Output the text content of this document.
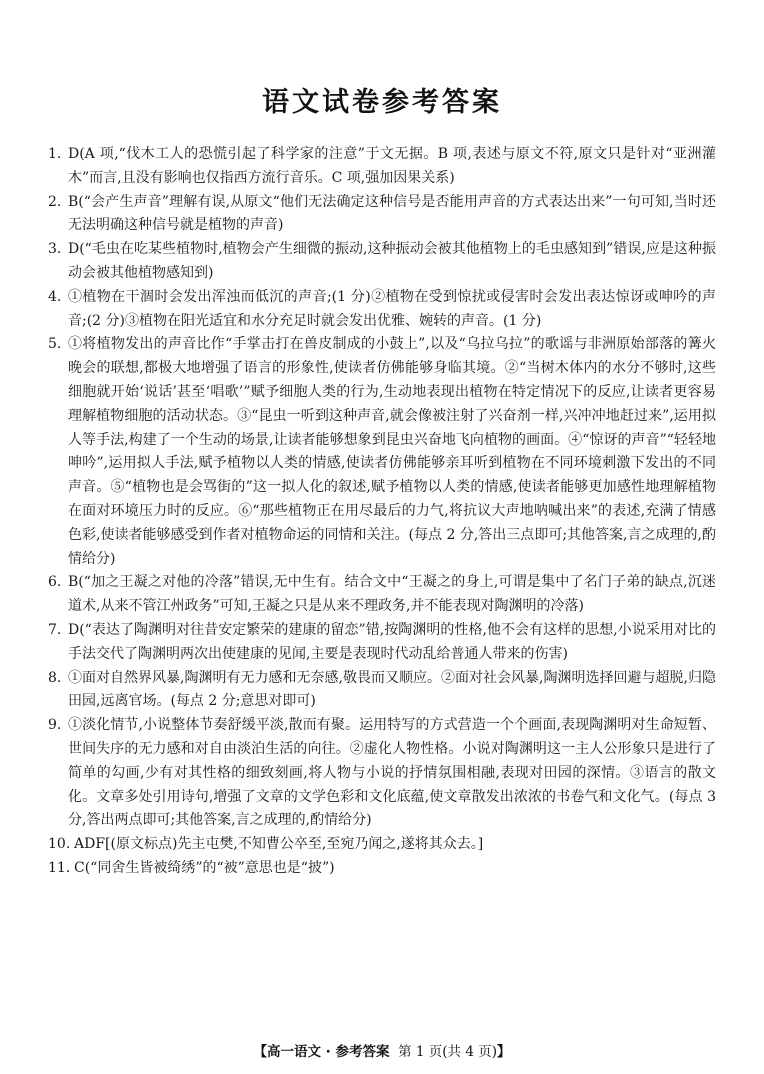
语文试卷参考答案
1. D(A 项,“伐木工人的恐慌引起了科学家的注意”于文无据。B 项,表述与原文不符,原文只是针对“亚洲灌木”而言,且没有影响也仅指西方流行音乐。C 项,强加因果关系)
2. B(“会产生声音”理解有误,从原文“他们无法确定这种信号是否能用声音的方式表达出来”一句可知,当时还无法明确这种信号就是植物的声音)
3. D(“毛虫在吃某些植物时,植物会产生细微的振动,这种振动会被其他植物上的毛虫感知到”错误,应是这种振动会被其他植物感知到)
4. ①植物在干涸时会发出浑浊而低沉的声音;(1 分)②植物在受到惊扰或侵害时会发出表达惊讶或呻吟的声音;(2 分)③植物在阳光适宜和水分充足时就会发出优雅、婉转的声音。(1 分)
5. ①将植物发出的声音比作“手掌击打在兽皮制成的小鼓上”,以及“乌拉乌拉”的歌谣与非洲原始部落的篝火晚会的联想,都极大地增强了语言的形象性,使读者仿佛能够身临其境。②“当树木体内的水分不够时,这些细胞就开始‘说话’甚至‘唱歌’”赋予细胞人类的行为,生动地表现出植物在特定情况下的反应,让读者更容易理解植物细胞的活动状态。③“昆虫一听到这种声音,就会像被注射了兴奋剂一样,兴冲冲地赶过来”,运用拟人等手法,构建了一个生动的场景,让读者能够想象到昆虫兴奋地飞向植物的画面。④“惊讶的声音”“轻轻地呻吟”,运用拟人手法,赋予植物以人类的情感,使读者仿佛能够亲耳听到植物在不同环境刺激下发出的不同声音。⑤“植物也是会骂街的”这一拟人化的叙述,赋予植物以人类的情感,使读者能够更加感性地理解植物在面对环境压力时的反应。⑥“那些植物正在用尽最后的力气,将抗议大声地呐喊出来”的表述,充满了情感色彩,使读者能够感受到作者对植物命运的同情和关注。(每点 2 分,答出三点即可;其他答案,言之成理的,酌情给分)
6. B(“加之王凝之对他的冷落”错误,无中生有。结合文中“王凝之的身上,可谓是集中了名门子弟的缺点,沉迷道术,从来不管江州政务”可知,王凝之只是从来不理政务,并不能表现对陶渊明的冷落)
7. D(“表达了陶渊明对往昔安定繁荣的建康的留恋”错,按陶渊明的性格,他不会有这样的思想,小说采用对比的手法交代了陶渊明两次出使建康的见闻,主要是表现时代动乱给普通人带来的伤害)
8. ①面对自然界风暴,陶渊明有无力感和无奈感,敬畏而又顺应。②面对社会风暴,陶渊明选择回避与超脱,归隐田园,远离官场。(每点 2 分;意思对即可)
9. ①淡化情节,小说整体节奏舒缓平淡,散而有聚。运用特写的方式营造一个个画面,表现陶渊明对生命短暂、世间失序的无力感和对自由淡泊生活的向往。②虚化人物性格。小说对陶渊明这一主人公形象只是进行了简单的勾画,少有对其性格的细致刻画,将人物与小说的抒情氛围相融,表现对田园的深情。③语言的散文化。文章多处引用诗句,增强了文章的文学色彩和文化底蕴,使文章散发出浓浓的书卷气和文化气。(每点 3 分,答出两点即可;其他答案,言之成理的,酌情给分)
10. ADF[(原文标点)先主屯樊,不知曹公卒至,至宛乃闻之,遂将其众去。]
11. C(“同舍生皆被绮绣”的“被”意思也是“披”)
【高一语文 · 参考答案 第 1 页(共 4 页)】
